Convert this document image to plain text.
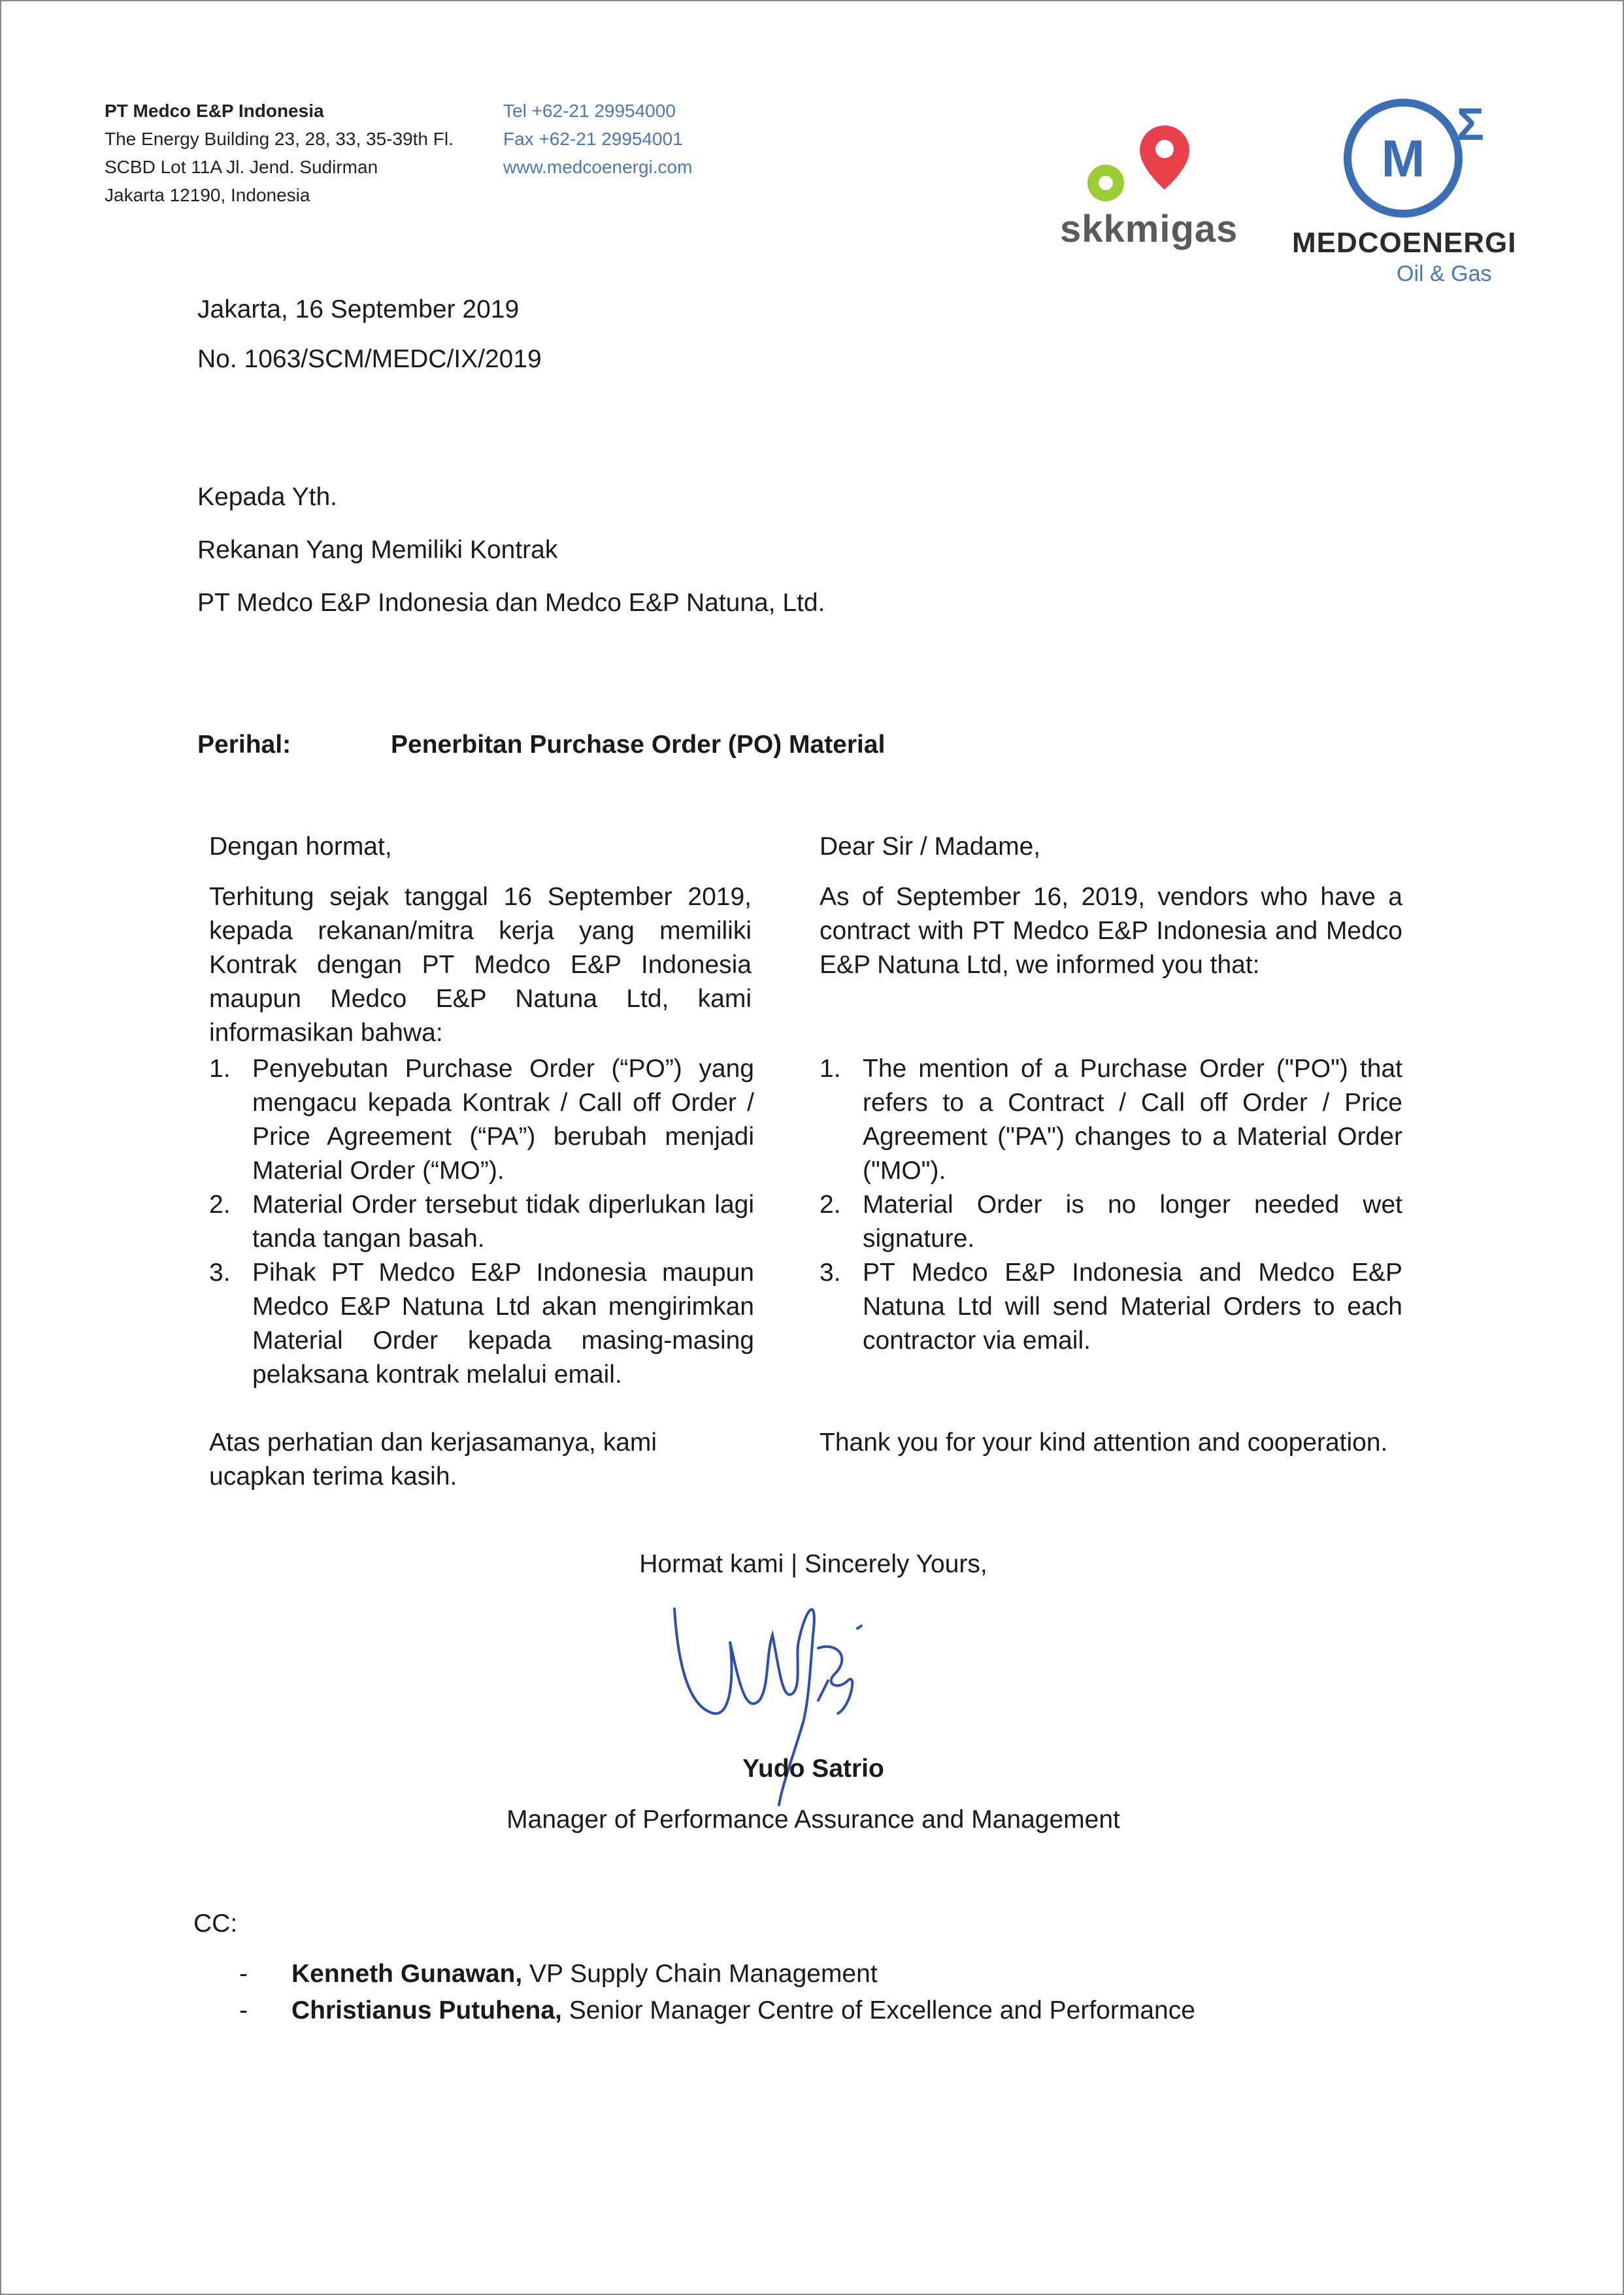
PT Medco E&P Indonesia
The Energy Building 23, 28, 33, 35-39th Fl.
SCBD Lot 11A Jl. Jend. Sudirman
Jakarta 12190, Indonesia
Tel +62-21 29954000
Fax +62-21 29954001
www.medcoenergi.com
skkmigas
M
Σ
MEDCOENERGI
Oil & Gas
Jakarta, 16 September 2019
No. 1063/SCM/MEDC/IX/2019
Kepada Yth.
Rekanan Yang Memiliki Kontrak
PT Medco E&P Indonesia dan Medco E&P Natuna, Ltd.
Perihal:	Penerbitan Purchase Order (PO) Material
Dengan hormat,
Terhitung sejak tanggal 16 September 2019, kepada rekanan/mitra kerja yang memiliki Kontrak dengan PT Medco E&P Indonesia maupun Medco E&P Natuna Ltd, kami informasikan bahwa:
1. Penyebutan Purchase Order (“PO”) yang mengacu kepada Kontrak / Call off Order / Price Agreement (“PA”) berubah menjadi Material Order (“MO”).
2. Material Order tersebut tidak diperlukan lagi tanda tangan basah.
3. Pihak PT Medco E&P Indonesia maupun Medco E&P Natuna Ltd akan mengirimkan Material Order kepada masing-masing pelaksana kontrak melalui email.
Atas perhatian dan kerjasamanya, kami ucapkan terima kasih.
Dear Sir / Madame,
As of September 16, 2019, vendors who have a contract with PT Medco E&P Indonesia and Medco E&P Natuna Ltd, we informed you that:
1. The mention of a Purchase Order ("PO") that refers to a Contract / Call off Order / Price Agreement ("PA") changes to a Material Order ("MO").
2. Material Order is no longer needed wet signature.
3. PT Medco E&P Indonesia and Medco E&P Natuna Ltd will send Material Orders to each contractor via email.
Thank you for your kind attention and cooperation.
Hormat kami | Sincerely Yours,
Yudo Satrio
Manager of Performance Assurance and Management
CC:
- Kenneth Gunawan, VP Supply Chain Management
- Christianus Putuhena, Senior Manager Centre of Excellence and Performance
